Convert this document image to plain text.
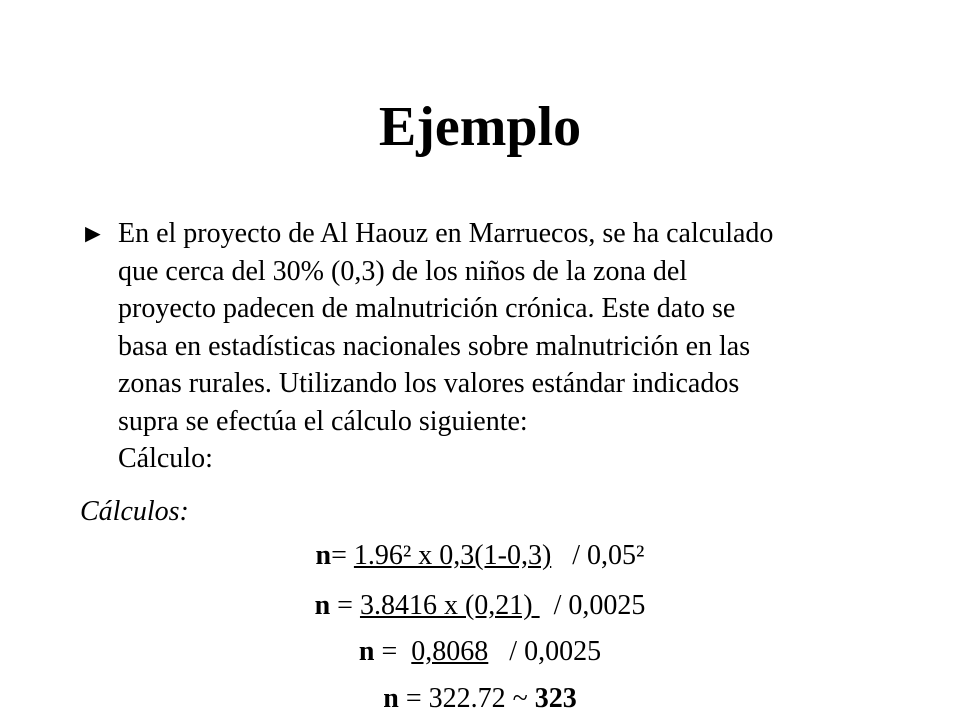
Ejemplo
► En el proyecto de Al Haouz en Marruecos, se ha calculado
que cerca del 30% (0,3) de los niños de la zona del
proyecto padecen de malnutrición crónica. Este dato se
basa en estadísticas nacionales sobre malnutrición en las
zonas rurales. Utilizando los valores estándar indicados
supra se efectúa el cálculo siguiente:
Cálculo:
Cálculos:
n= 1.96² x 0,3(1-0,3)   / 0,05²
n = 3.8416 x (0,21)   / 0,0025
n =  0,8068   / 0,0025
n = 322.72 ~ 323
